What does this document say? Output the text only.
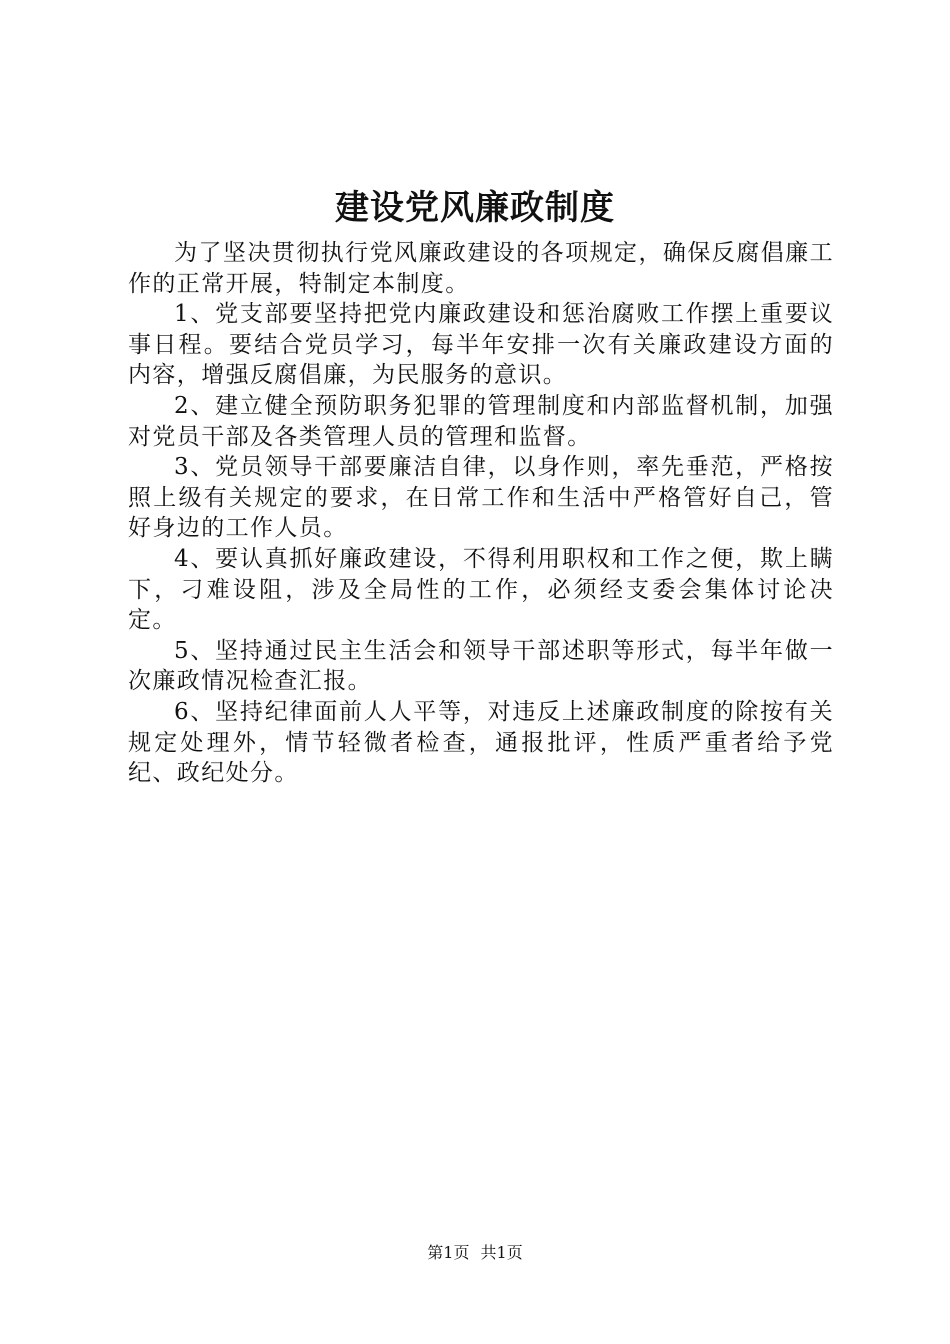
建设党风廉政制度

为了坚决贯彻执行党风廉政建设的各项规定，确保反腐倡廉工作的正常开展，特制定本制度。

1、党支部要坚持把党内廉政建设和惩治腐败工作摆上重要议事日程。要结合党员学习，每半年安排一次有关廉政建设方面的内容，增强反腐倡廉，为民服务的意识。

2、建立健全预防职务犯罪的管理制度和内部监督机制，加强对党员干部及各类管理人员的管理和监督。

3、党员领导干部要廉洁自律，以身作则，率先垂范，严格按照上级有关规定的要求，在日常工作和生活中严格管好自己，管好身边的工作人员。

4、要认真抓好廉政建设，不得利用职权和工作之便，欺上瞒下，刁难设阻，涉及全局性的工作，必须经支委会集体讨论决定。

5、坚持通过民主生活会和领导干部述职等形式，每半年做一次廉政情况检查汇报。

6、坚持纪律面前人人平等，对违反上述廉政制度的除按有关规定处理外，情节轻微者检查，通报批评，性质严重者给予党纪、政纪处分。

第1页 共1页
